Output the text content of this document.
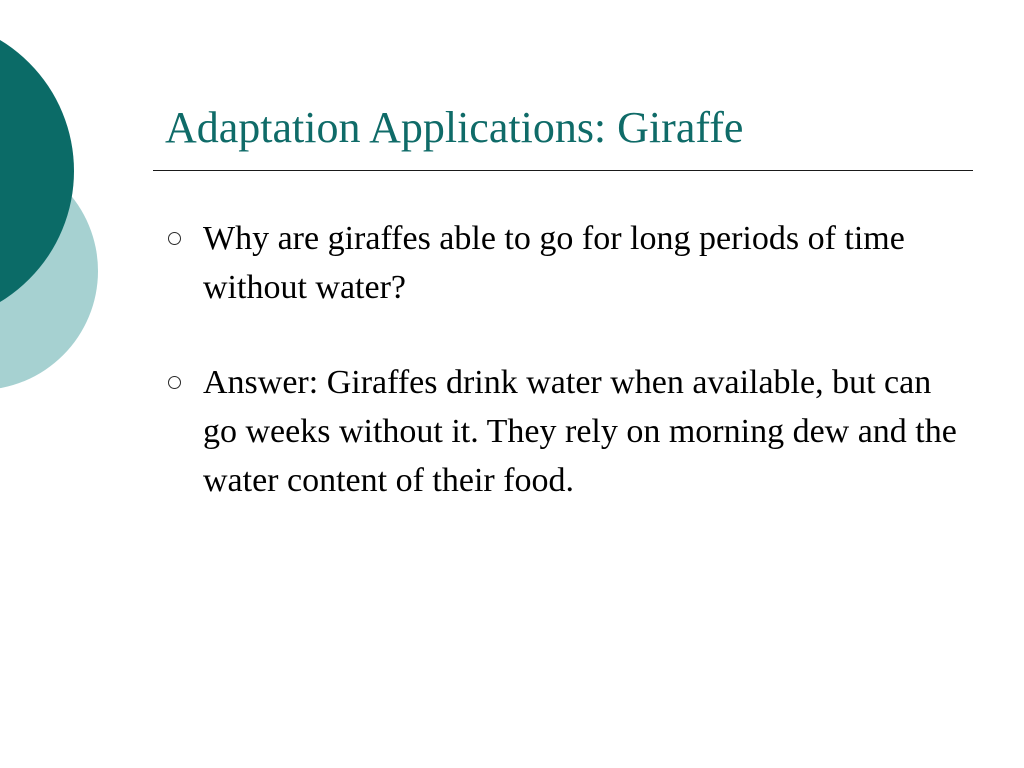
Adaptation Applications: Giraffe
Why are giraffes able to go for long periods of time without water?
Answer: Giraffes drink water when available, but can go weeks without it. They rely on morning dew and the water content of their food.
